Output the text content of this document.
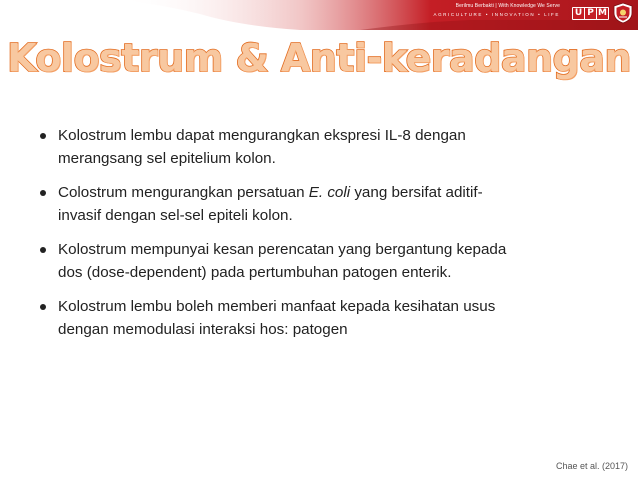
Berilmu Berbakti | With Knowledge We Serve
AGRICULTURE • INNOVATION • LIFE U P M
Kolostrum & Anti-keradangan
Kolostrum lembu dapat mengurangkan ekspresi IL-8 dengan merangsang sel epitelium kolon.
Colostrum mengurangkan persatuan E. coli yang bersifat aditif-invasif dengan sel-sel epiteli kolon.
Kolostrum mempunyai kesan perencatan yang bergantung kepada dos (dose-dependent) pada pertumbuhan patogen enterik.
Kolostrum lembu boleh memberi manfaat kepada kesihatan usus dengan memodulasi interaksi hos: patogen
Chae et al. (2017)
